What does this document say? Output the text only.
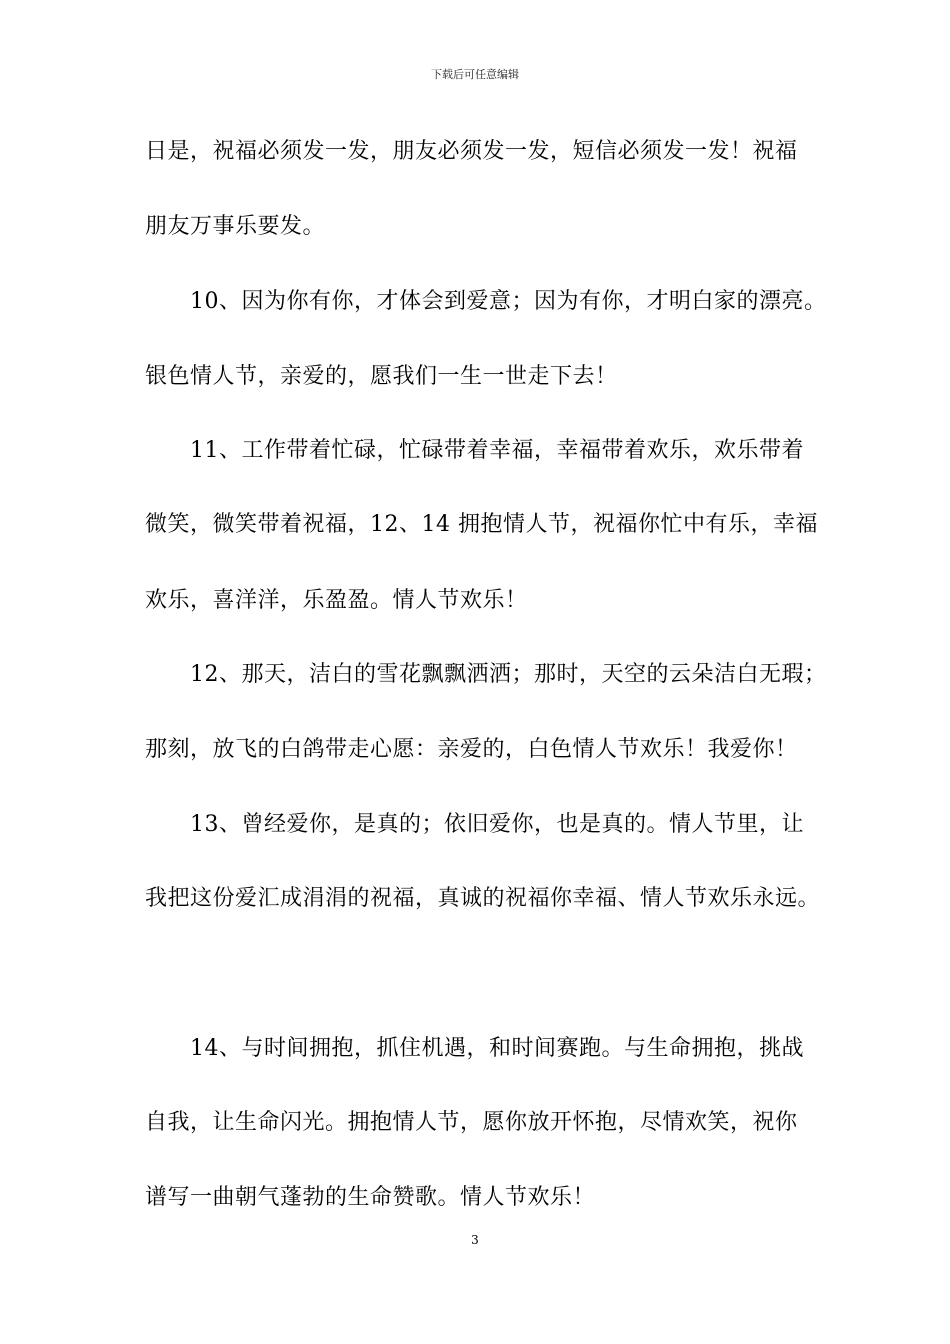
下载后可任意编辑
日是，祝福必须发一发，朋友必须发一发，短信必须发一发！祝福
朋友万事乐要发。
　　10、因为你有你，才体会到爱意；因为有你，才明白家的漂亮。
银色情人节，亲爱的，愿我们一生一世走下去！
　　11、工作带着忙碌，忙碌带着幸福，幸福带着欢乐，欢乐带着
微笑，微笑带着祝福，12、14 拥抱情人节，祝福你忙中有乐，幸福
欢乐，喜洋洋，乐盈盈。情人节欢乐！
　　12、那天，洁白的雪花飘飘洒洒；那时，天空的云朵洁白无瑕；
那刻，放飞的白鸽带走心愿：亲爱的，白色情人节欢乐！我爱你！
　　13、曾经爱你，是真的；依旧爱你，也是真的。情人节里，让
我把这份爱汇成涓涓的祝福，真诚的祝福你幸福、情人节欢乐永远。
　　14、与时间拥抱，抓住机遇，和时间赛跑。与生命拥抱，挑战
自我，让生命闪光。拥抱情人节，愿你放开怀抱，尽情欢笑，祝你
谱写一曲朝气蓬勃的生命赞歌。情人节欢乐！
3
